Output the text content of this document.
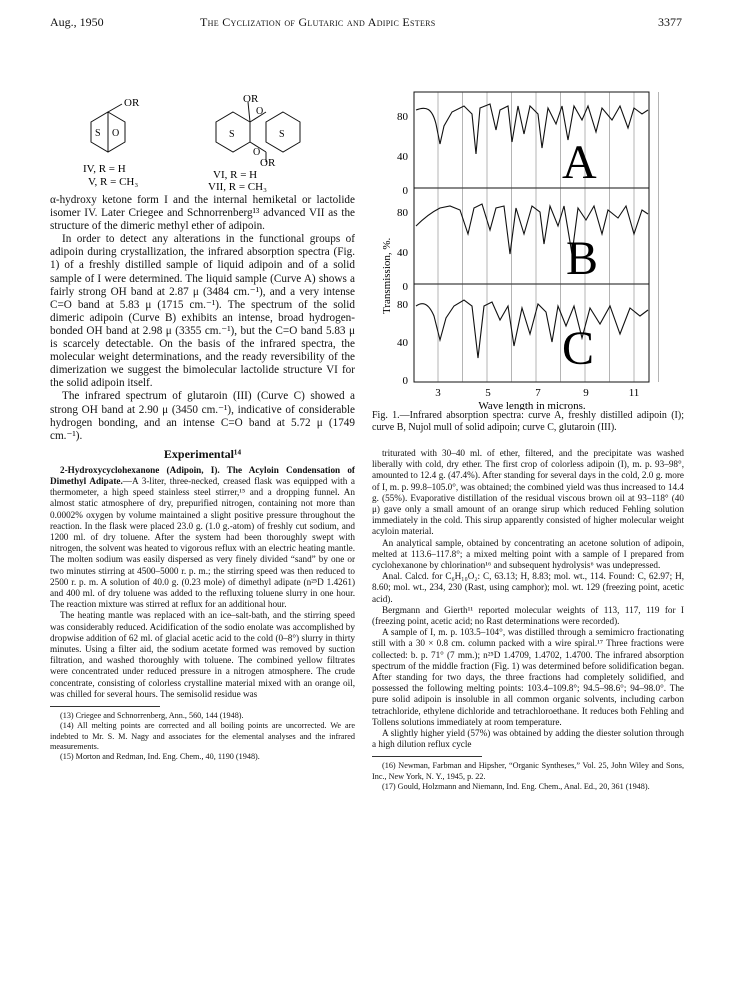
Aug., 1950	The Cyclization of Glutaric and Adipic Esters	3377
OR
S O
IV, R = H
V, R = CH₃
OR
O
S	S
O
OR
VI, R = H
VII, R = CH₃

α-hydroxy ketone form I and the internal hemiketal or lactolide isomer IV. Later Criegee and Schnorrenberg¹³ advanced VII as the structure of the dimeric methyl ether of adipoin.

In order to detect any alterations in the functional groups of adipoin during crystallization, the infrared absorption spectra (Fig. 1) of a freshly distilled sample of liquid adipoin and of a solid sample of I were determined. The liquid sample (Curve A) shows a fairly strong OH band at 2.87 μ (3484 cm.⁻¹), and a very intense C=O band at 5.83 μ (1715 cm.⁻¹). The spectrum of the solid dimeric adipoin (Curve B) exhibits an intense, broad hydrogen-bonded OH band at 2.98 μ (3355 cm.⁻¹), but the C=O band 5.83 μ is scarcely detectable. On the basis of the infrared spectra, the molecular weight determinations, and the ready reversibility of the dimerization we suggest the bimolecular lactolide structure VI for the solid adipoin itself.

The infrared spectrum of glutaroin (III) (Curve C) showed a strong OH band at 2.90 μ (3450 cm.⁻¹), indicative of considerable hydrogen bonding, and an intense C=O band at 5.72 μ (1749 cm.⁻¹).

Experimental¹⁴

2-Hydroxycyclohexanone (Adipoin, I). The Acyloin Condensation of Dimethyl Adipate.—A 3-liter, three-necked, creased flask was equipped with a thermometer, a high speed stainless steel stirrer,¹⁵ and a dropping funnel. An almost static atmosphere of dry, prepurified nitrogen, containing not more than 0.0002% oxygen by volume maintained a slight positive pressure throughout the reaction. In the flask were placed 23.0 g. (1.0 g.-atom) of freshly cut sodium, and 1200 ml. of dry toluene. After the system had been thoroughly swept with nitrogen, the solvent was heated to vigorous reflux with an electric heating mantle. The molten sodium was easily dispersed as very finely divided “sand” by one or two minutes stirring at 4500–5000 r. p. m.; the stirring speed was then reduced to 2500 r. p. m. A solution of 40.0 g. (0.23 mole) of dimethyl adipate (n²⁵D 1.4261) and 400 ml. of dry toluene was added to the refluxing toluene slurry in one hour. The reaction mixture was stirred at reflux for an additional hour.

The heating mantle was replaced with an ice–salt-bath, and the stirring speed was considerably reduced. Acidification of the sodio enolate was accomplished by dropwise addition of 62 ml. of glacial acetic acid to the cold (0–8°) slurry in thirty minutes. Using a filter aid, the sodium acetate formed was removed by suction filtration, and washed thoroughly with toluene. The combined yellow filtrates were concentrated under reduced pressure in a nitrogen atmosphere. The crude concentrate, consisting of colorless crystalline material mixed with an orange oil, was chilled for several hours. The semisolid residue was

(13) Criegee and Schnorrenberg, Ann., 560, 144 (1948).

(14) All melting points are corrected and all boiling points are uncorrected. We are indebted to Mr. S. M. Nagy and associates for the elemental analyses and the infrared measurements.

(15) Morton and Redman, Ind. Eng. Chem., 40, 1190 (1948).

Transmission, %.
80
40
0
80
40
0
80
40
0
A
B
C
3	5	7	9	11
Wave length in microns.

Fig. 1.—Infrared absorption spectra: curve A, freshly distilled adipoin (I); curve B, Nujol mull of solid adipoin; curve C, glutaroin (III).

triturated with 30–40 ml. of ether, filtered, and the precipitate was washed liberally with cold, dry ether. The first crop of colorless adipoin (I), m. p. 93–98°, amounted to 12.4 g. (47.4%). After standing for several days in the cold, 2.0 g. more of I, m. p. 99.8–105.0°, was obtained; the combined yield was thus increased to 14.4 g. (55%). Evaporative distillation of the residual viscous brown oil at 93–118° (40 μ) gave only a small amount of an orange sirup which reduced Fehling solution immediately in the cold. This sirup apparently consisted of higher molecular weight acyloin material.

An analytical sample, obtained by concentrating an acetone solution of adipoin, melted at 113.6–117.8°; a mixed melting point with a sample of I prepared from cyclohexanone by chlorination¹⁶ and subsequent hydrolysis⁶ was undepressed.

Anal. Calcd. for C₆H₁₀O₂: C, 63.13; H, 8.83; mol. wt., 114. Found: C, 62.97; H, 8.60; mol. wt., 234, 230 (Rast, using camphor); mol. wt. 129 (freezing point, acetic acid).

Bergmann and Gierth¹¹ reported molecular weights of 113, 117, 119 for I (freezing point, acetic acid; no Rast determinations were recorded).

A sample of I, m. p. 103.5–104°, was distilled through a semimicro fractionating still with a 30 × 0.8 cm. column packed with a wire spiral.¹⁷ Three fractions were collected: b. p. 71° (7 mm.); n²⁵D 1.4709, 1.4702, 1.4700. The infrared absorption spectrum of the middle fraction (Fig. 1) was determined before solidification began. After standing for two days, the three fractions had completely solidified, and possessed the following melting points: 103.4–109.8°; 94.5–98.6°; 94–98.0°. The pure solid adipoin is insoluble in all common organic solvents, including carbon tetrachloride, ethylene dichloride and tetrachloroethane. It reduces both Fehling and Tollens solutions immediately at room temperature.

A slightly higher yield (57%) was obtained by adding the diester solution through a high dilution reflux cycle

(16) Newman, Farbman and Hipsher, “Organic Syntheses,” Vol. 25, John Wiley and Sons, Inc., New York, N. Y., 1945, p. 22.

(17) Gould, Holzmann and Niemann, Ind. Eng. Chem., Anal. Ed., 20, 361 (1948).
